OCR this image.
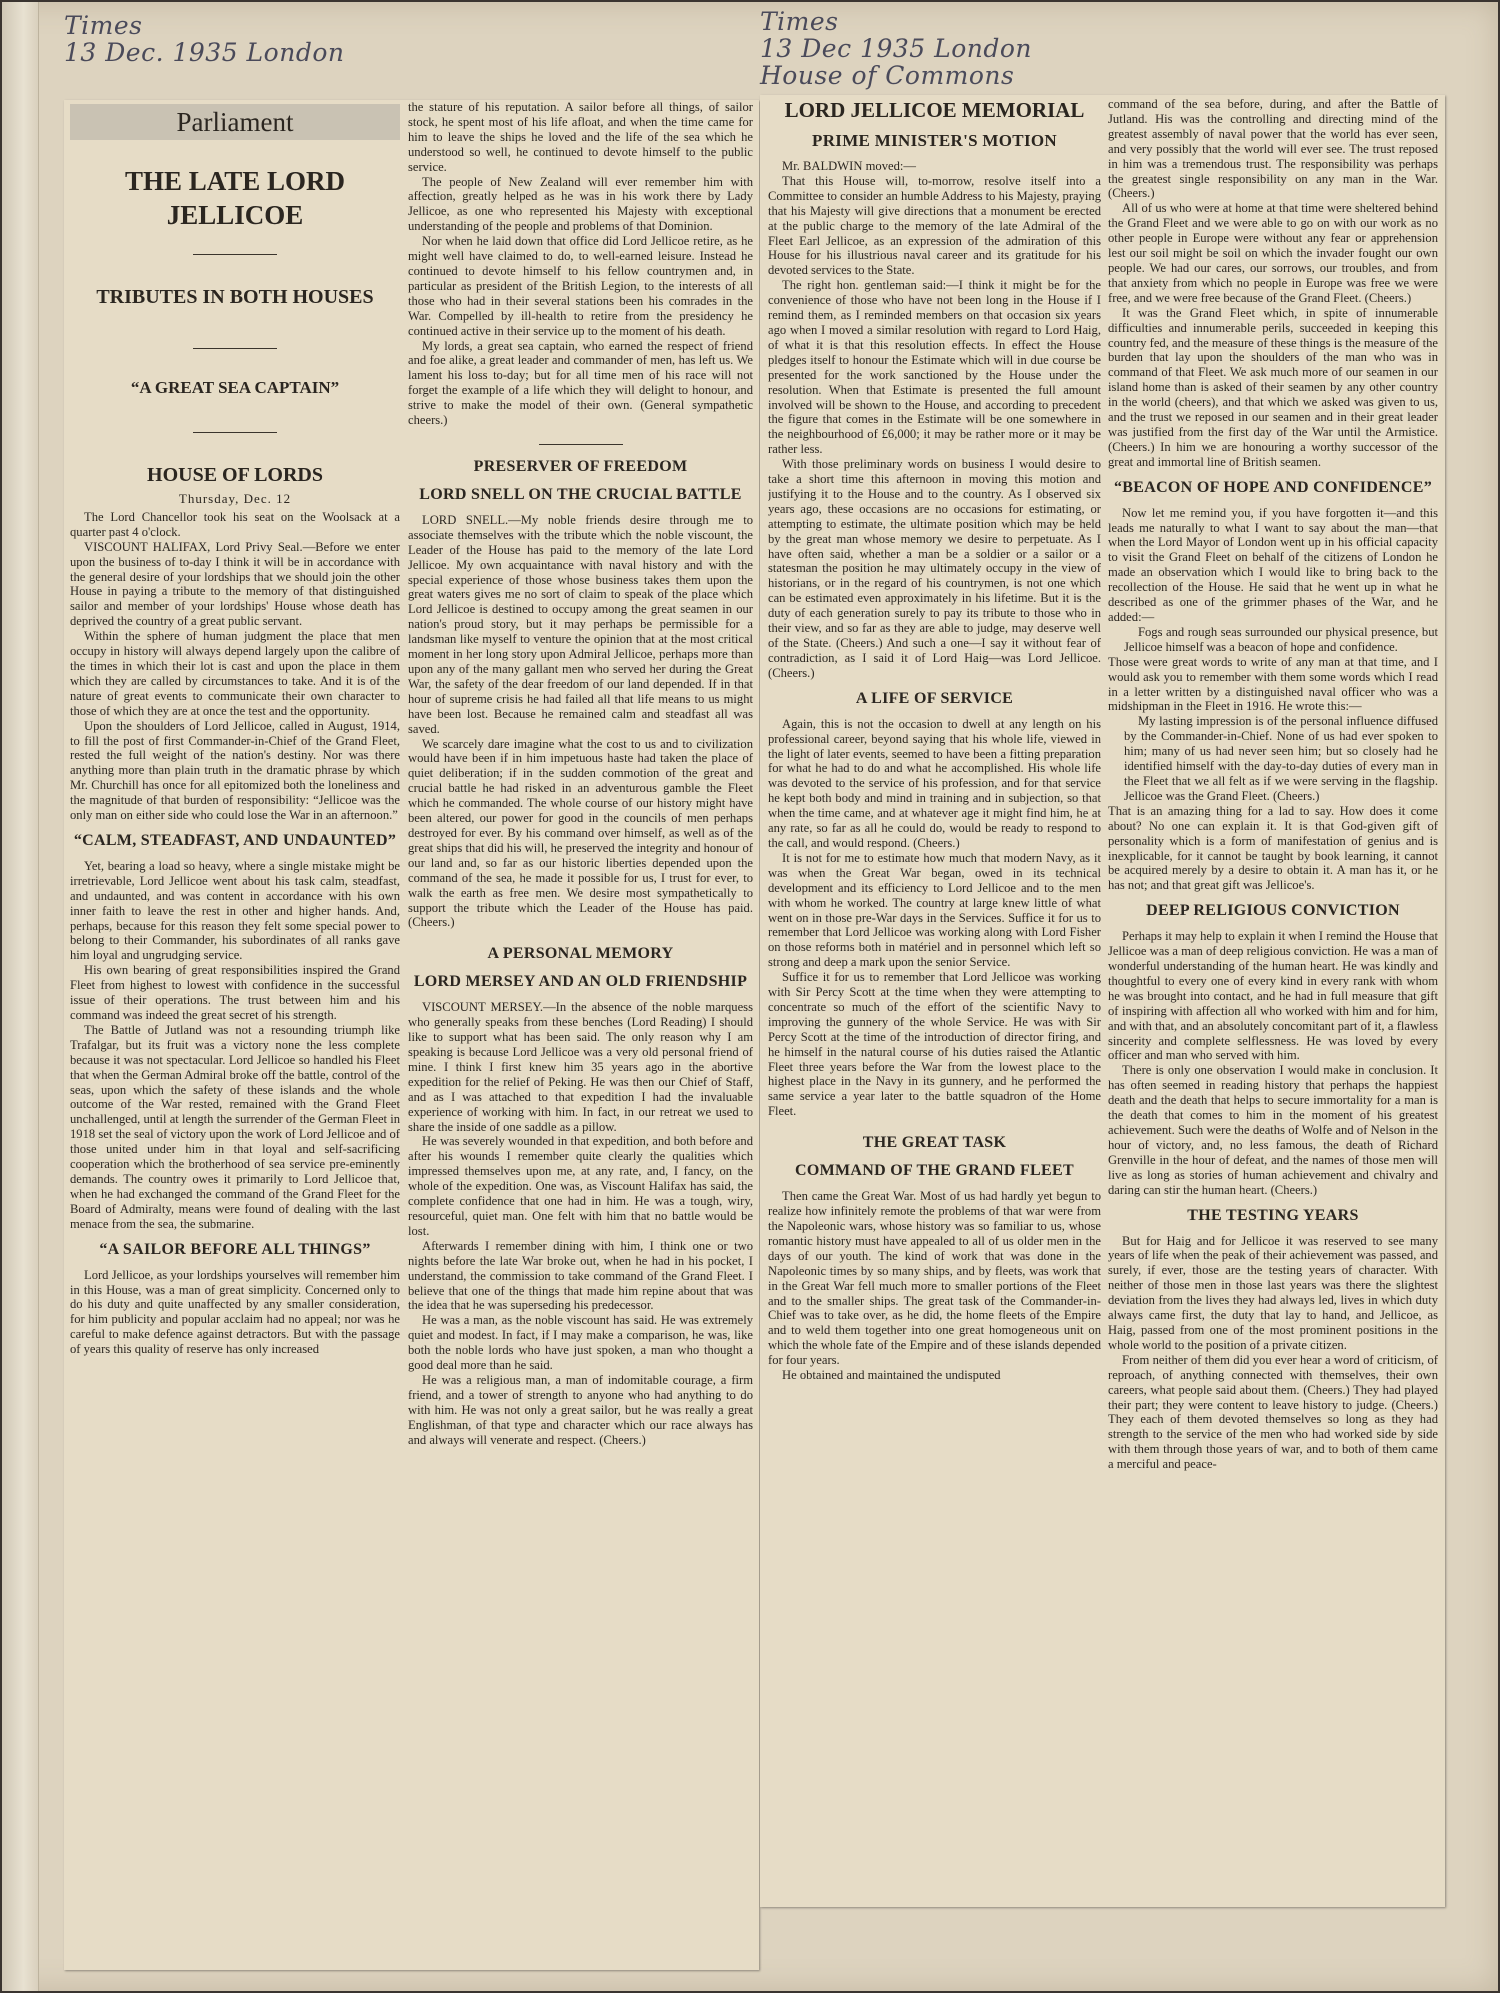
Times
13 Dec. 1935 London
Times
13 Dec 1935 London
House of Commons
Parliament
THE LATE LORD JELLICOE
TRIBUTES IN BOTH HOUSES
“A GREAT SEA CAPTAIN”
HOUSE OF LORDS
Thursday, Dec. 12

The Lord Chancellor took his seat on the Woolsack at a quarter past 4 o'clock.

VISCOUNT HALIFAX, Lord Privy Seal.—Before we enter upon the business of to-day I think it will be in accordance with the general desire of your lordships that we should join the other House in paying a tribute to the memory of that distinguished sailor and member of your lordships' House whose death has deprived the country of a great public servant.

Within the sphere of human judgment the place that men occupy in history will always depend largely upon the calibre of the times in which their lot is cast and upon the place in them which they are called by circumstances to take. And it is of the nature of great events to communicate their own character to those of which they are at once the test and the opportunity.

Upon the shoulders of Lord Jellicoe, called in August, 1914, to fill the post of first Commander-in-Chief of the Grand Fleet, rested the full weight of the nation's destiny. Nor was there anything more than plain truth in the dramatic phrase by which Mr. Churchill has once for all epitomized both the loneliness and the magnitude of that burden of responsibility: “Jellicoe was the only man on either side who could lose the War in an afternoon.”

“CALM, STEADFAST, AND UNDAUNTED”

Yet, bearing a load so heavy, where a single mistake might be irretrievable, Lord Jellicoe went about his task calm, steadfast, and undaunted, and was content in accordance with his own inner faith to leave the rest in other and higher hands. And, perhaps, because for this reason they felt some special power to belong to their Commander, his subordinates of all ranks gave him loyal and ungrudging service.

His own bearing of great responsibilities inspired the Grand Fleet from highest to lowest with confidence in the successful issue of their operations. The trust between him and his command was indeed the great secret of his strength.

The Battle of Jutland was not a resounding triumph like Trafalgar, but its fruit was a victory none the less complete because it was not spectacular. Lord Jellicoe so handled his Fleet that when the German Admiral broke off the battle, control of the seas, upon which the safety of these islands and the whole outcome of the War rested, remained with the Grand Fleet unchallenged, until at length the surrender of the German Fleet in 1918 set the seal of victory upon the work of Lord Jellicoe and of those united under him in that loyal and self-sacrificing cooperation which the brotherhood of sea service pre-eminently demands. The country owes it primarily to Lord Jellicoe that, when he had exchanged the command of the Grand Fleet for the Board of Admiralty, means were found of dealing with the last menace from the sea, the submarine.

“A SAILOR BEFORE ALL THINGS”

Lord Jellicoe, as your lordships yourselves will remember him in this House, was a man of great simplicity. Concerned only to do his duty and quite unaffected by any smaller consideration, for him publicity and popular acclaim had no appeal; nor was he careful to make defence against detractors. But with the passage of years this quality of reserve has only increased

the stature of his reputation. A sailor before all things, of sailor stock, he spent most of his life afloat, and when the time came for him to leave the ships he loved and the life of the sea which he understood so well, he continued to devote himself to the public service.

The people of New Zealand will ever remember him with affection, greatly helped as he was in his work there by Lady Jellicoe, as one who represented his Majesty with exceptional understanding of the people and problems of that Dominion.

Nor when he laid down that office did Lord Jellicoe retire, as he might well have claimed to do, to well-earned leisure. Instead he continued to devote himself to his fellow countrymen and, in particular as president of the British Legion, to the interests of all those who had in their several stations been his comrades in the War. Compelled by ill-health to retire from the presidency he continued active in their service up to the moment of his death.

My lords, a great sea captain, who earned the respect of friend and foe alike, a great leader and commander of men, has left us. We lament his loss to-day; but for all time men of his race will not forget the example of a life which they will delight to honour, and strive to make the model of their own. (General sympathetic cheers.)

PRESERVER OF FREEDOM
LORD SNELL ON THE CRUCIAL BATTLE

LORD SNELL.—My noble friends desire through me to associate themselves with the tribute which the noble viscount, the Leader of the House has paid to the memory of the late Lord Jellicoe. My own acquaintance with naval history and with the special experience of those whose business takes them upon the great waters gives me no sort of claim to speak of the place which Lord Jellicoe is destined to occupy among the great seamen in our nation's proud story, but it may perhaps be permissible for a landsman like myself to venture the opinion that at the most critical moment in her long story upon Admiral Jellicoe, perhaps more than upon any of the many gallant men who served her during the Great War, the safety of the dear freedom of our land depended. If in that hour of supreme crisis he had failed all that life means to us might have been lost. Because he remained calm and steadfast all was saved.

We scarcely dare imagine what the cost to us and to civilization would have been if in him impetuous haste had taken the place of quiet deliberation; if in the sudden commotion of the great and crucial battle he had risked in an adventurous gamble the Fleet which he commanded. The whole course of our history might have been altered, our power for good in the councils of men perhaps destroyed for ever. By his command over himself, as well as of the great ships that did his will, he preserved the integrity and honour of our land and, so far as our historic liberties depended upon the command of the sea, he made it possible for us, I trust for ever, to walk the earth as free men. We desire most sympathetically to support the tribute which the Leader of the House has paid. (Cheers.)

A PERSONAL MEMORY
LORD MERSEY AND AN OLD FRIENDSHIP

VISCOUNT MERSEY.—In the absence of the noble marquess who generally speaks from these benches (Lord Reading) I should like to support what has been said. The only reason why I am speaking is because Lord Jellicoe was a very old personal friend of mine. I think I first knew him 35 years ago in the abortive expedition for the relief of Peking. He was then our Chief of Staff, and as I was attached to that expedition I had the invaluable experience of working with him. In fact, in our retreat we used to share the inside of one saddle as a pillow.

He was severely wounded in that expedition, and both before and after his wounds I remember quite clearly the qualities which impressed themselves upon me, at any rate, and, I fancy, on the whole of the expedition. One was, as Viscount Halifax has said, the complete confidence that one had in him. He was a tough, wiry, resourceful, quiet man. One felt with him that no battle would be lost.

Afterwards I remember dining with him, I think one or two nights before the late War broke out, when he had in his pocket, I understand, the commission to take command of the Grand Fleet. I believe that one of the things that made him repine about that was the idea that he was superseding his predecessor.

He was a man, as the noble viscount has said. He was extremely quiet and modest. In fact, if I may make a comparison, he was, like both the noble lords who have just spoken, a man who thought a good deal more than he said.

He was a religious man, a man of indomitable courage, a firm friend, and a tower of strength to anyone who had anything to do with him. He was not only a great sailor, but he was really a great Englishman, of that type and character which our race always has and always will venerate and respect. (Cheers.)

LORD JELLICOE MEMORIAL
PRIME MINISTER'S MOTION

Mr. BALDWIN moved:—

That this House will, to-morrow, resolve itself into a Committee to consider an humble Address to his Majesty, praying that his Majesty will give directions that a monument be erected at the public charge to the memory of the late Admiral of the Fleet Earl Jellicoe, as an expression of the admiration of this House for his illustrious naval career and its gratitude for his devoted services to the State.

The right hon. gentleman said:—I think it might be for the convenience of those who have not been long in the House if I remind them, as I reminded members on that occasion six years ago when I moved a similar resolution with regard to Lord Haig, of what it is that this resolution effects. In effect the House pledges itself to honour the Estimate which will in due course be presented for the work sanctioned by the House under the resolution. When that Estimate is presented the full amount involved will be shown to the House, and according to precedent the figure that comes in the Estimate will be one somewhere in the neighbourhood of £6,000; it may be rather more or it may be rather less.

With those preliminary words on business I would desire to take a short time this afternoon in moving this motion and justifying it to the House and to the country. As I observed six years ago, these occasions are no occasions for estimating, or attempting to estimate, the ultimate position which may be held by the great man whose memory we desire to perpetuate. As I have often said, whether a man be a soldier or a sailor or a statesman the position he may ultimately occupy in the view of historians, or in the regard of his countrymen, is not one which can be estimated even approximately in his lifetime. But it is the duty of each generation surely to pay its tribute to those who in their view, and so far as they are able to judge, may deserve well of the State. (Cheers.) And such a one—I say it without fear of contradiction, as I said it of Lord Haig—was Lord Jellicoe. (Cheers.)

A LIFE OF SERVICE

Again, this is not the occasion to dwell at any length on his professional career, beyond saying that his whole life, viewed in the light of later events, seemed to have been a fitting preparation for what he had to do and what he accomplished. His whole life was devoted to the service of his profession, and for that service he kept both body and mind in training and in subjection, so that when the time came, and at whatever age it might find him, he at any rate, so far as all he could do, would be ready to respond to the call, and would respond. (Cheers.)

It is not for me to estimate how much that modern Navy, as it was when the Great War began, owed in its technical development and its efficiency to Lord Jellicoe and to the men with whom he worked. The country at large knew little of what went on in those pre-War days in the Services. Suffice it for us to remember that Lord Jellicoe was working along with Lord Fisher on those reforms both in matériel and in personnel which left so strong and deep a mark upon the senior Service.

Suffice it for us to remember that Lord Jellicoe was working with Sir Percy Scott at the time when they were attempting to concentrate so much of the effort of the scientific Navy to improving the gunnery of the whole Service. He was with Sir Percy Scott at the time of the introduction of director firing, and he himself in the natural course of his duties raised the Atlantic Fleet three years before the War from the lowest place to the highest place in the Navy in its gunnery, and he performed the same service a year later to the battle squadron of the Home Fleet.

THE GREAT TASK
COMMAND OF THE GRAND FLEET

Then came the Great War. Most of us had hardly yet begun to realize how infinitely remote the problems of that war were from the Napoleonic wars, whose history was so familiar to us, whose romantic history must have appealed to all of us older men in the days of our youth. The kind of work that was done in the Napoleonic times by so many ships, and by fleets, was work that in the Great War fell much more to smaller portions of the Fleet and to the smaller ships. The great task of the Commander-in-Chief was to take over, as he did, the home fleets of the Empire and to weld them together into one great homogeneous unit on which the whole fate of the Empire and of these islands depended for four years.

He obtained and maintained the undisputed

command of the sea before, during, and after the Battle of Jutland. His was the controlling and directing mind of the greatest assembly of naval power that the world has ever seen, and very possibly that the world will ever see. The trust reposed in him was a tremendous trust. The responsibility was perhaps the greatest single responsibility on any man in the War. (Cheers.)

All of us who were at home at that time were sheltered behind the Grand Fleet and we were able to go on with our work as no other people in Europe were without any fear or apprehension lest our soil might be soil on which the invader fought our own people. We had our cares, our sorrows, our troubles, and from that anxiety from which no people in Europe was free we were free, and we were free because of the Grand Fleet. (Cheers.)

It was the Grand Fleet which, in spite of innumerable difficulties and innumerable perils, succeeded in keeping this country fed, and the measure of these things is the measure of the burden that lay upon the shoulders of the man who was in command of that Fleet. We ask much more of our seamen in our island home than is asked of their seamen by any other country in the world (cheers), and that which we asked was given to us, and the trust we reposed in our seamen and in their great leader was justified from the first day of the War until the Armistice. (Cheers.) In him we are honouring a worthy successor of the great and immortal line of British seamen.

“BEACON OF HOPE AND CONFIDENCE”

Now let me remind you, if you have forgotten it—and this leads me naturally to what I want to say about the man—that when the Lord Mayor of London went up in his official capacity to visit the Grand Fleet on behalf of the citizens of London he made an observation which I would like to bring back to the recollection of the House. He said that he went up in what he described as one of the grimmer phases of the War, and he added:—

Fogs and rough seas surrounded our physical presence, but Jellicoe himself was a beacon of hope and confidence.

Those were great words to write of any man at that time, and I would ask you to remember with them some words which I read in a letter written by a distinguished naval officer who was a midshipman in the Fleet in 1916. He wrote this:—

My lasting impression is of the personal influence diffused by the Commander-in-Chief. None of us had ever spoken to him; many of us had never seen him; but so closely had he identified himself with the day-to-day duties of every man in the Fleet that we all felt as if we were serving in the flagship. Jellicoe was the Grand Fleet. (Cheers.)

That is an amazing thing for a lad to say. How does it come about? No one can explain it. It is that God-given gift of personality which is a form of manifestation of genius and is inexplicable, for it cannot be taught by book learning, it cannot be acquired merely by a desire to obtain it. A man has it, or he has not; and that great gift was Jellicoe's.

DEEP RELIGIOUS CONVICTION

Perhaps it may help to explain it when I remind the House that Jellicoe was a man of deep religious conviction. He was a man of wonderful understanding of the human heart. He was kindly and thoughtful to every one of every kind in every rank with whom he was brought into contact, and he had in full measure that gift of inspiring with affection all who worked with him and for him, and with that, and an absolutely concomitant part of it, a flawless sincerity and complete selflessness. He was loved by every officer and man who served with him.

There is only one observation I would make in conclusion. It has often seemed in reading history that perhaps the happiest death and the death that helps to secure immortality for a man is the death that comes to him in the moment of his greatest achievement. Such were the deaths of Wolfe and of Nelson in the hour of victory, and, no less famous, the death of Richard Grenville in the hour of defeat, and the names of those men will live as long as stories of human achievement and chivalry and daring can stir the human heart. (Cheers.)

THE TESTING YEARS

But for Haig and for Jellicoe it was reserved to see many years of life when the peak of their achievement was passed, and surely, if ever, those are the testing years of character. With neither of those men in those last years was there the slightest deviation from the lives they had always led, lives in which duty always came first, the duty that lay to hand, and Jellicoe, as Haig, passed from one of the most prominent positions in the whole world to the position of a private citizen.

From neither of them did you ever hear a word of criticism, of reproach, of anything connected with themselves, their own careers, what people said about them. (Cheers.) They had played their part; they were content to leave history to judge. (Cheers.) They each of them devoted themselves so long as they had strength to the service of the men who had worked side by side with them through those years of war, and to both of them came a merciful and peace-
